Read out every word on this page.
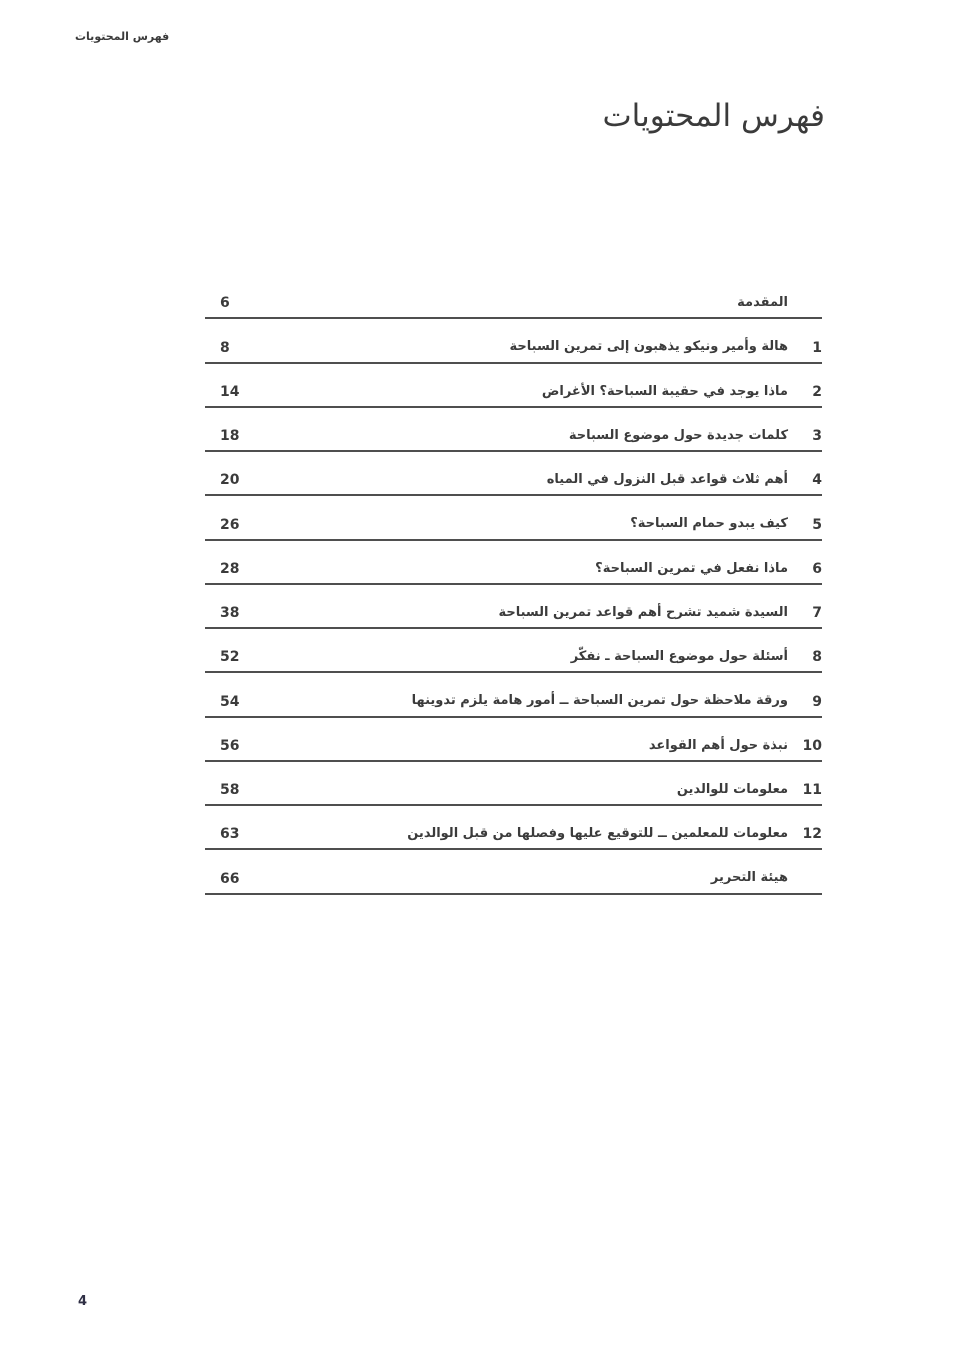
فهرس المحتويات
فهرس المحتويات
المقدمة
6
1
هالة وأمير ونيكو يذهبون إلى تمرين السباحة
8
2
ماذا يوجد في حقيبة السباحة؟ الأغراض
14
3
كلمات جديدة حول موضوع السباحة
18
4
أهم ثلاث قواعد قبل النزول في المياه
20
5
كيف يبدو حمام السباحة؟
26
6
ماذا نفعل في تمرين السباحة؟
28
7
السيدة شميد تشرح أهم قواعد تمرين السباحة
38
8
أسئلة حول موضوع السباحة ـ نفكّر
52
9
ورقة ملاحظة حول تمرين السباحة ــ أمور هامة يلزم تدوينها
54
10
نبذة حول أهم القواعد
56
11
معلومات للوالدين
58
12
معلومات للمعلمين ــ للتوقيع عليها وفصلها من قبل الوالدين
63
هيئة التحرير
66
4
